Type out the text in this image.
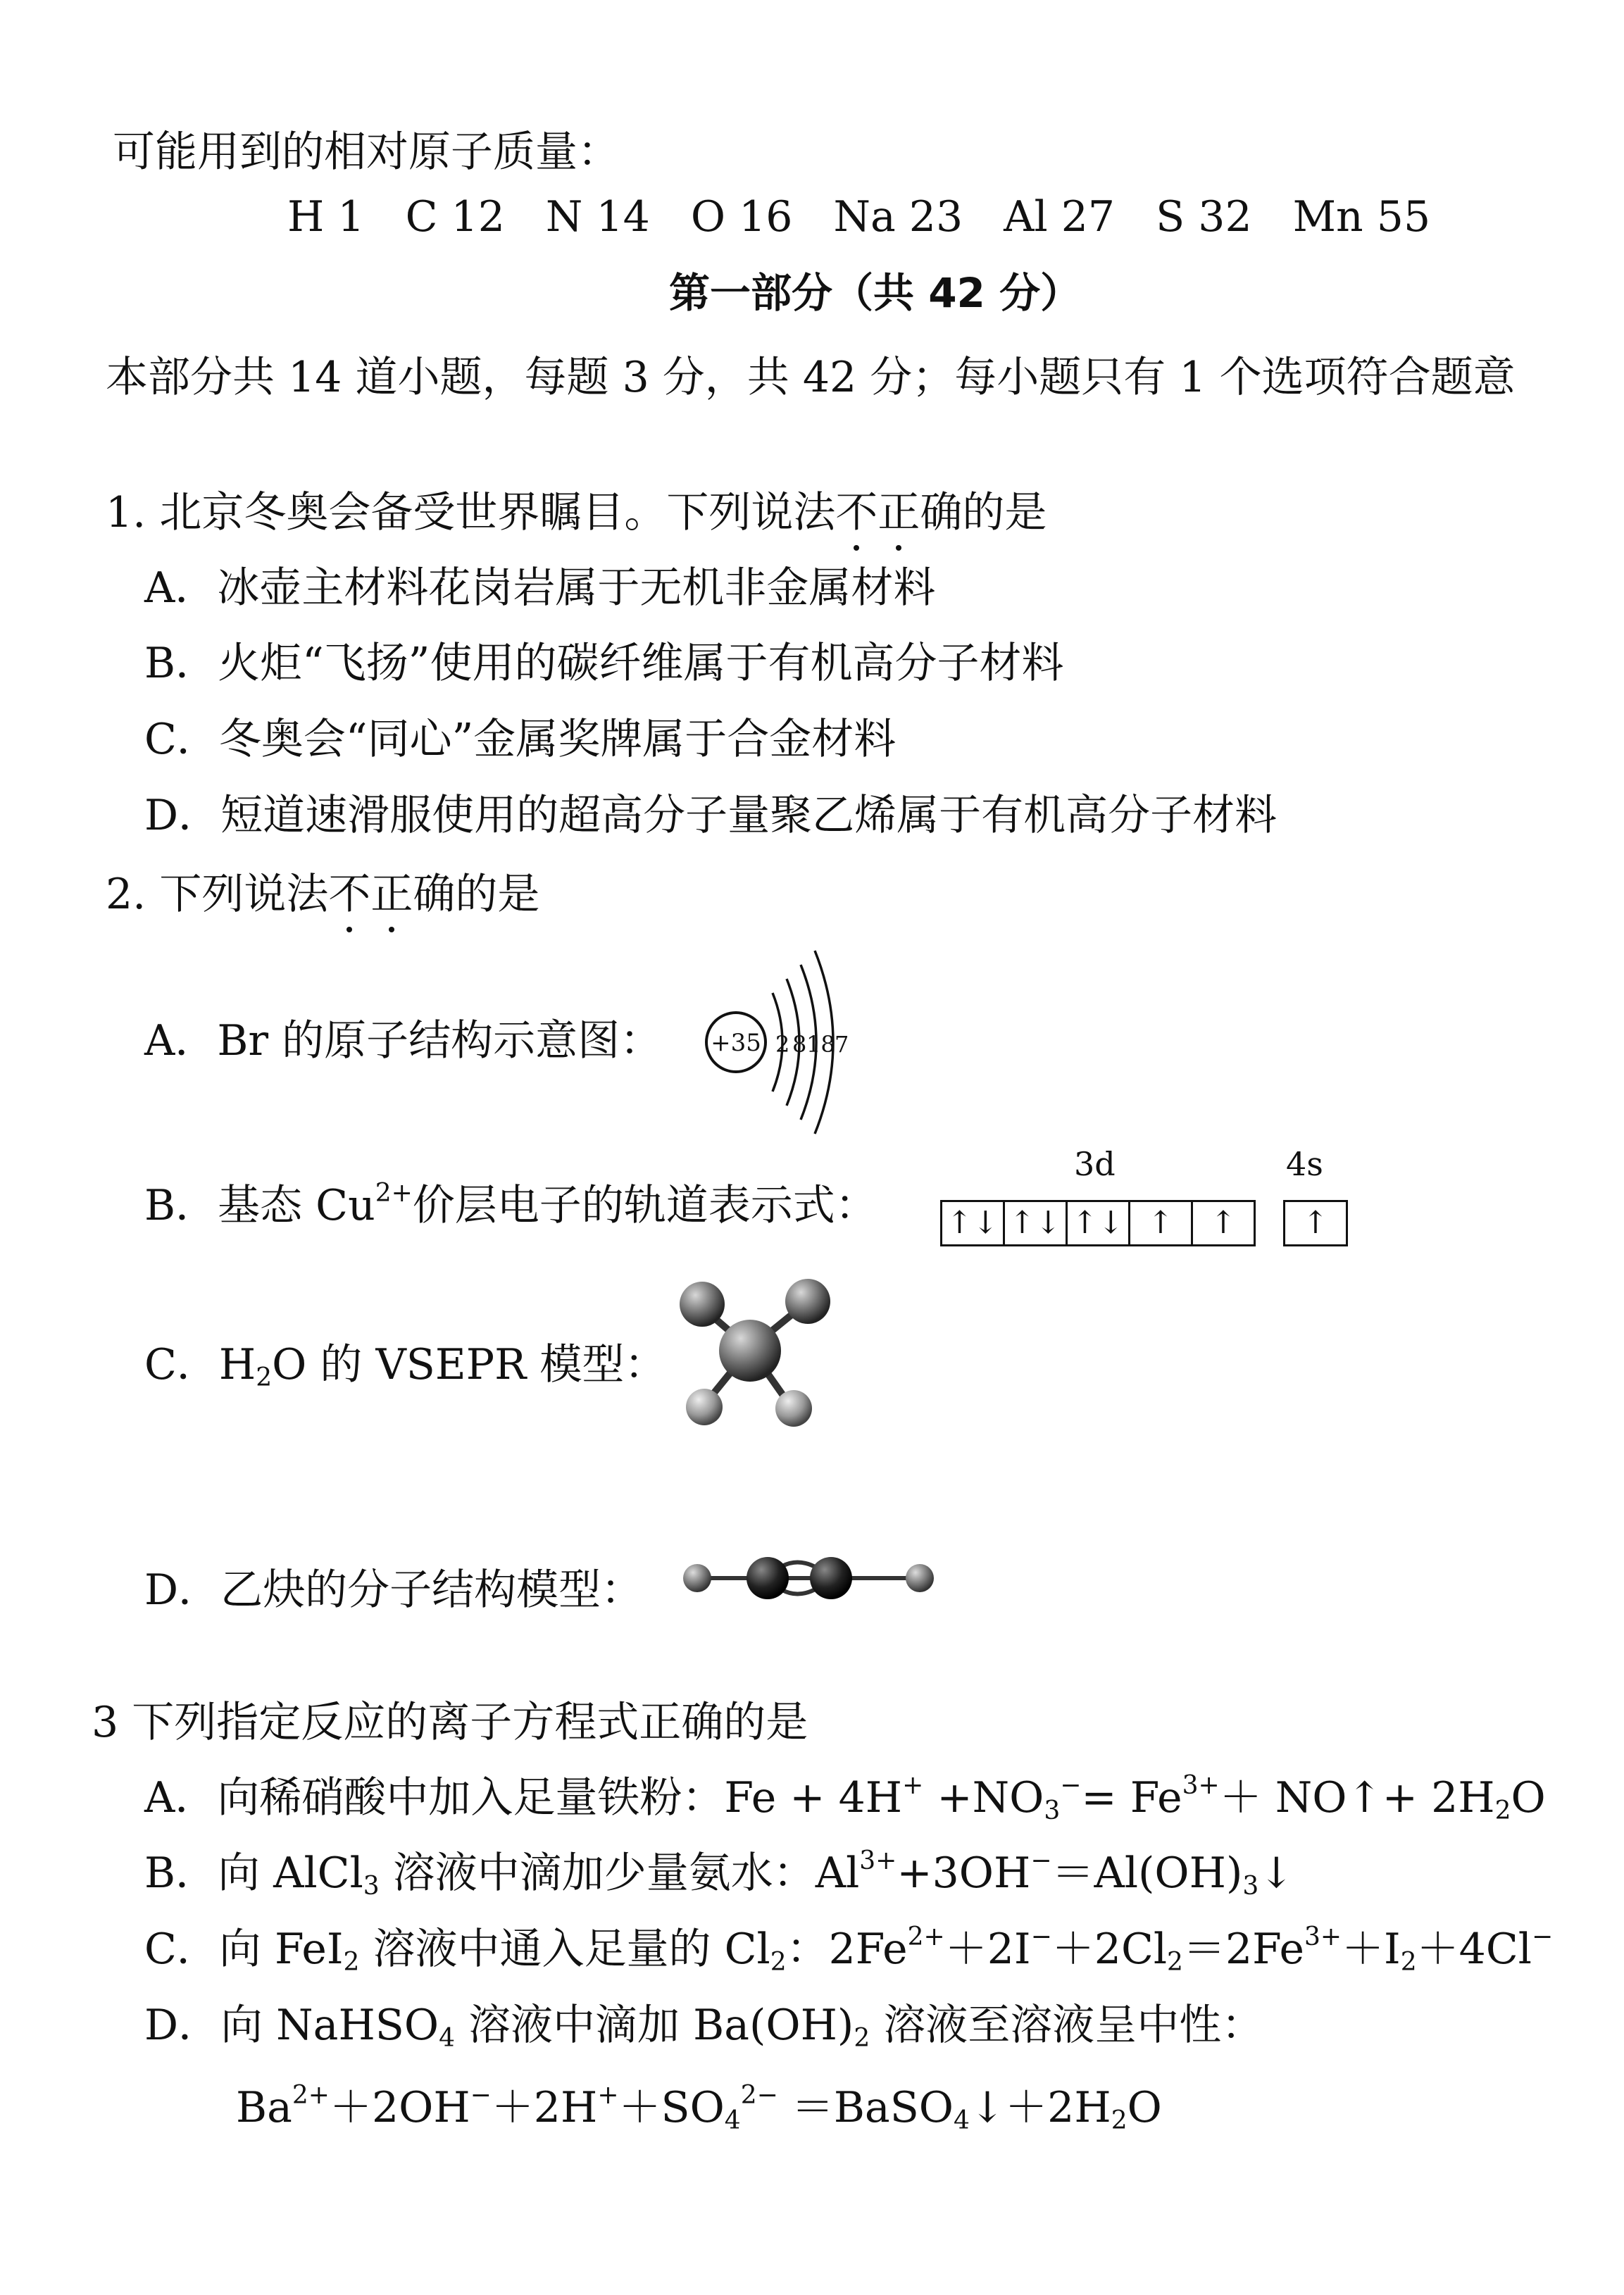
可能用到的相对原子质量：
H 1 C 12 N 14 O 16 Na 23 Al 27 S 32 Mn 55
第一部分（共 42 分）
本部分共 14 道小题，每题 3 分，共 42 分；每小题只有 1 个选项符合题意
1. 北京冬奥会备受世界瞩目。下列说法不正确的是
A．冰壶主材料花岗岩属于无机非金属材料
B．火炬“飞扬”使用的碳纤维属于有机高分子材料
C．冬奥会“同心”金属奖牌属于合金材料
D．短道速滑服使用的超高分子量聚乙烯属于有机高分子材料
2. 下列说法不正确的是
A．Br 的原子结构示意图： +35 2 8 18 7
B．基态 $Cu^{2+}$价层电子的轨道表示式：
3d	4s
↑↓ ↑↓ ↑↓ ↑	↑	↑
C．$H_2O$ 的 VSEPR 模型：
D．乙炔的分子结构模型：
3 下列指定反应的离子方程式正确的是
A．向稀硝酸中加入足量铁粉：$Fe + 4H^+ +NO_3^-= Fe^{3+}+$ NO↑+ $2H_2O$
B．向 AlCl$_3$ 溶液中滴加少量氨水：$Al^{3+}+3OH^-=Al(OH)_3↓$
C．向 FeI$_2$ 溶液中通入足量的 $Cl_2$：$2Fe^{2+}+2I^-+2Cl_2=2Fe^{3+}+I_2+4Cl^-$
D．向 NaHSO$_4$ 溶液中滴加 $Ba(OH)_2$ 溶液至溶液呈中性：
$Ba^{2+}+2OH^-+2H^++SO_4^{2-}$ $=BaSO_4↓+2H_2O$
